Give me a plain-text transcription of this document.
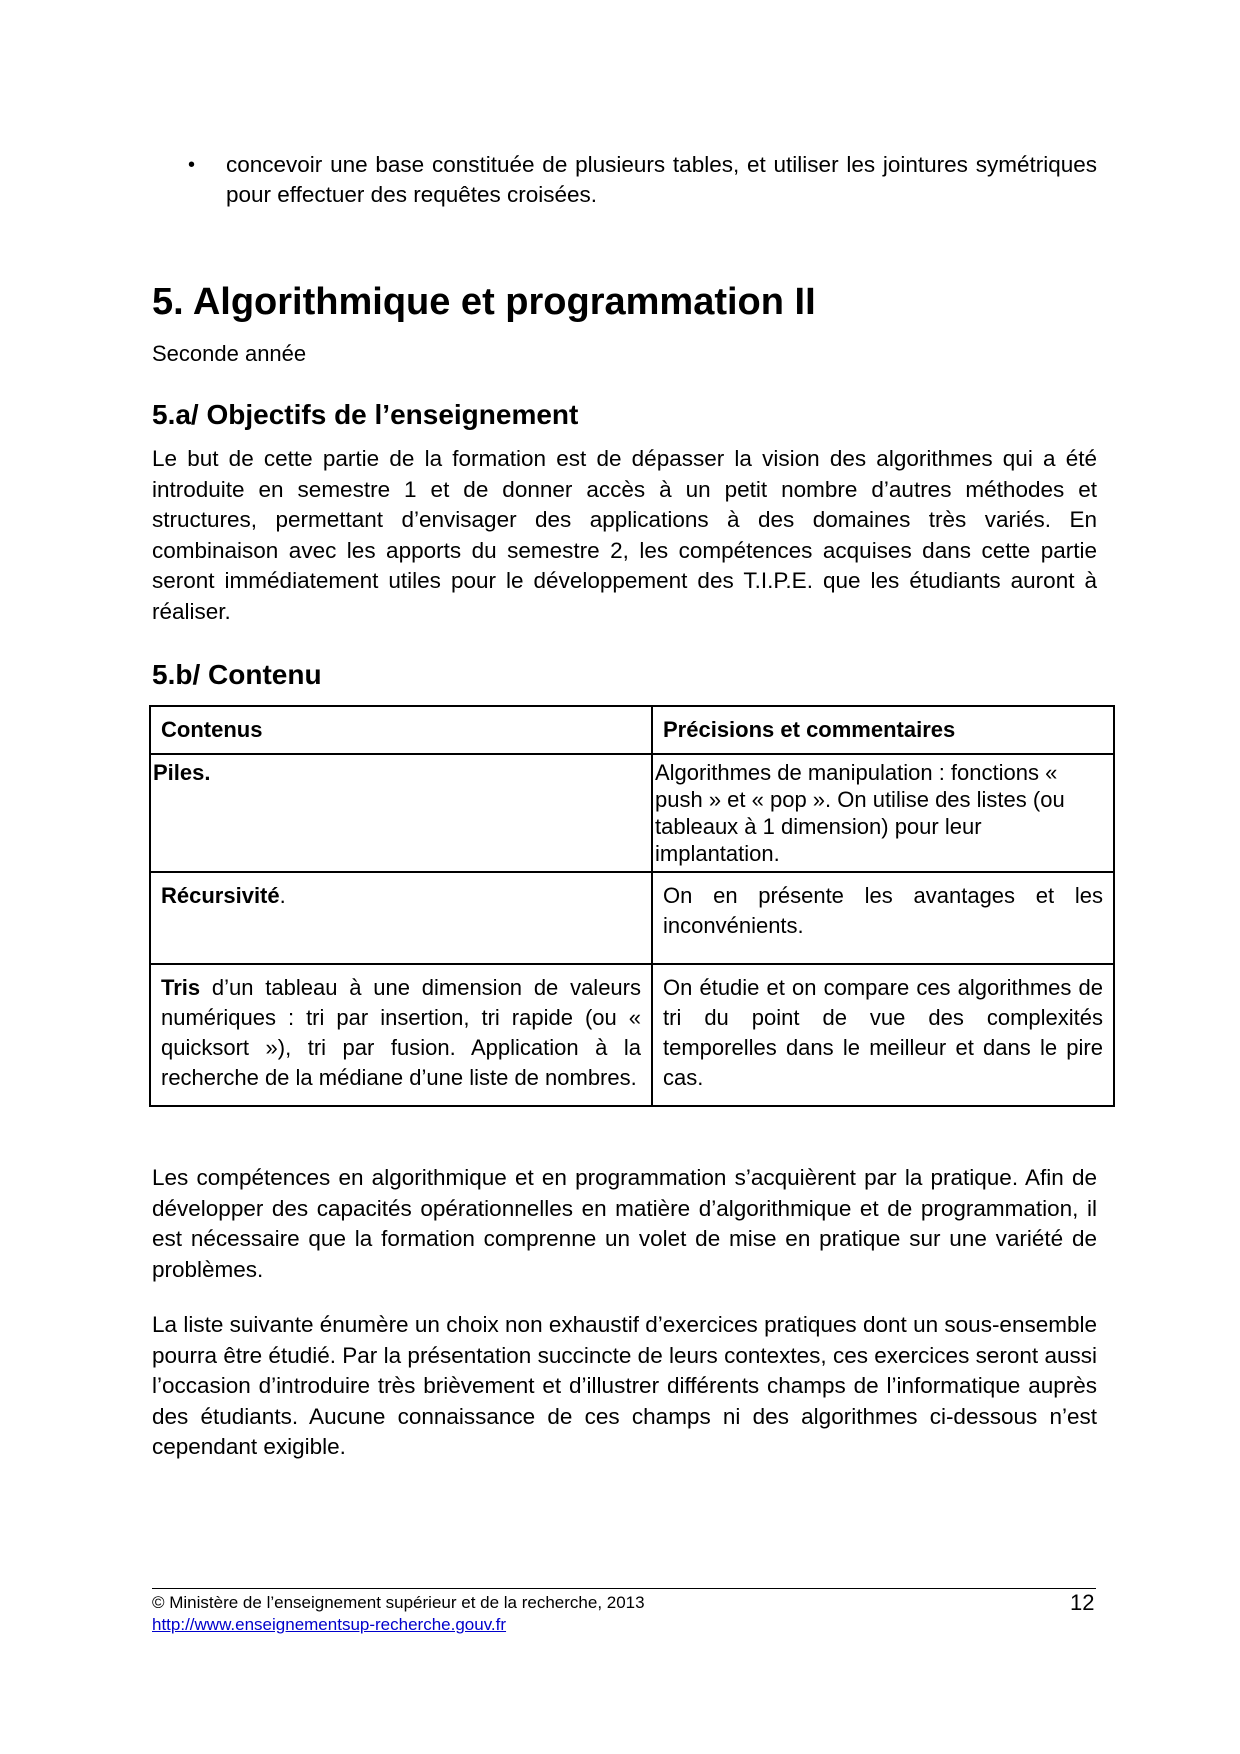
• concevoir une base constituée de plusieurs tables, et utiliser les jointures symétriques pour effectuer des requêtes croisées.
5. Algorithmique et programmation II
Seconde année
5.a/ Objectifs de l’enseignement

Le but de cette partie de la formation est de dépasser la vision des algorithmes qui a été introduite en semestre 1 et de donner accès à un petit nombre d’autres méthodes et structures, permettant d’envisager des applications à des domaines très variés. En combinaison avec les apports du semestre 2, les compétences acquises dans cette partie seront immédiatement utiles pour le développement des T.I.P.E. que les étudiants auront à réaliser.

5.b/ Contenu
Contenus	Précisions et commentaires
Piles.	Algorithmes de manipulation : fonctions « push » et « pop ». On utilise des listes (ou tableaux à 1 dimension) pour leur implantation.
Récursivité.	On en présente les avantages et les inconvénients.
Tris d’un tableau à une dimension de valeurs numériques : tri par insertion, tri rapide (ou « quicksort »), tri par fusion. Application à la recherche de la médiane d’une liste de nombres.	On étudie et on compare ces algorithmes de tri du point de vue des complexités temporelles dans le meilleur et dans le pire cas.

Les compétences en algorithmique et en programmation s’acquièrent par la pratique. Afin de développer des capacités opérationnelles en matière d’algorithmique et de programmation, il est nécessaire que la formation comprenne un volet de mise en pratique sur une variété de problèmes.

La liste suivante énumère un choix non exhaustif d’exercices pratiques dont un sous-ensemble pourra être étudié. Par la présentation succincte de leurs contextes, ces exercices seront aussi l’occasion d’introduire très brièvement et d’illustrer différents champs de l’informatique auprès des étudiants. Aucune connaissance de ces champs ni des algorithmes ci-dessous n’est cependant exigible.

© Ministère de l’enseignement supérieur et de la recherche, 2013
http://www.enseignementsup-recherche.gouv.fr
12
